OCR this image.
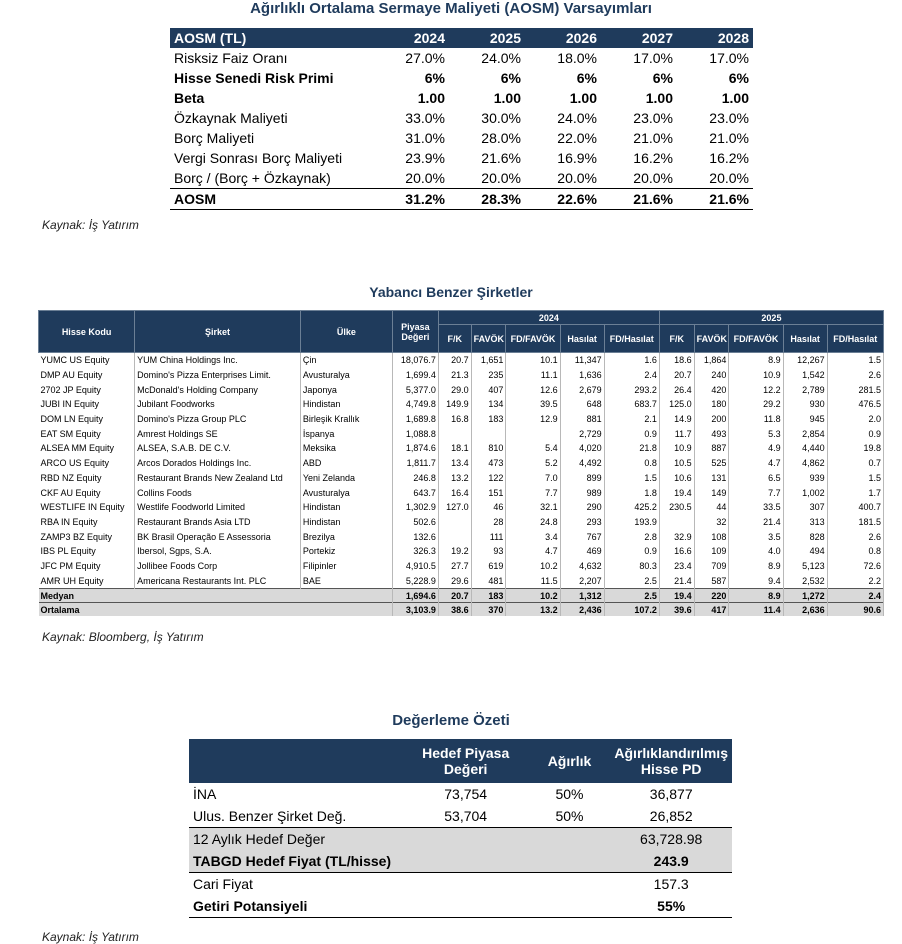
Ağırlıklı Ortalama Sermaye Maliyeti (AOSM) Varsayımları
AOSM (TL)	2024	2025	2026	2027	2028
Risksiz Faiz Oranı	27.0%	24.0%	18.0%	17.0%	17.0%
Hisse Senedi Risk Primi	6%	6%	6%	6%	6%
Beta	1.00	1.00	1.00	1.00	1.00
Özkaynak Maliyeti	33.0%	30.0%	24.0%	23.0%	23.0%
Borç Maliyeti	31.0%	28.0%	22.0%	21.0%	21.0%
Vergi Sonrası Borç Maliyeti	23.9%	21.6%	16.9%	16.2%	16.2%
Borç / (Borç + Özkaynak)	20.0%	20.0%	20.0%	20.0%	20.0%
AOSM	31.2%	28.3%	22.6%	21.6%	21.6%
Kaynak: İş Yatırım
Yabancı Benzer Şirketler
Hisse Kodu	Şirket	Ülke	Piyasa Değeri	2024					2025				
				F/K	FAVÖK	FD/FAVÖK	Hasılat	FD/Hasılat	F/K	FAVÖK	FD/FAVÖK	Hasılat	FD/Hasılat
YUMC US Equity	YUM China Holdings Inc.	Çin	18,076.7	20.7	1,651	10.1	11,347	1.6	18.6	1,864	8.9	12,267	1.5
DMP AU Equity	Domino's Pizza Enterprises Limit.	Avusturalya	1,699.4	21.3	235	11.1	1,636	2.4	20.7	240	10.9	1,542	2.6
2702 JP Equity	McDonald's Holding Company	Japonya	5,377.0	29.0	407	12.6	2,679	293.2	26.4	420	12.2	2,789	281.5
JUBI IN Equity	Jubilant Foodworks	Hindistan	4,749.8	149.9	134	39.5	648	683.7	125.0	180	29.2	930	476.5
DOM LN Equity	Domino's Pizza Group PLC	Birleşik Krallık	1,689.8	16.8	183	12.9	881	2.1	14.9	200	11.8	945	2.0
EAT SM Equity	Amrest Holdings SE	İspanya	1,088.8				2,729	0.9	11.7	493	5.3	2,854	0.9
ALSEA MM Equity	ALSEA, S.A.B. DE C.V.	Meksika	1,874.6	18.1	810	5.4	4,020	21.8	10.9	887	4.9	4,440	19.8
ARCO US Equity	Arcos Dorados Holdings Inc.	ABD	1,811.7	13.4	473	5.2	4,492	0.8	10.5	525	4.7	4,862	0.7
RBD NZ Equity	Restaurant Brands New Zealand Ltd	Yeni Zelanda	246.8	13.2	122	7.0	899	1.5	10.6	131	6.5	939	1.5
CKF AU Equity	Collins Foods	Avusturalya	643.7	16.4	151	7.7	989	1.8	19.4	149	7.7	1,002	1.7
WESTLIFE IN Equity	Westlife Foodworld Limited	Hindistan	1,302.9	127.0	46	32.1	290	425.2	230.5	44	33.5	307	400.7
RBA IN Equity	Restaurant Brands Asia LTD	Hindistan	502.6		28	24.8	293	193.9		32	21.4	313	181.5
ZAMP3 BZ Equity	BK Brasil Operação E Assessoria	Brezilya	132.6		111	3.4	767	2.8	32.9	108	3.5	828	2.6
IBS PL Equity	Ibersol, Sgps, S.A.	Portekiz	326.3	19.2	93	4.7	469	0.9	16.6	109	4.0	494	0.8
JFC PM Equity	Jollibee Foods Corp	Filipinler	4,910.5	27.7	619	10.2	4,632	80.3	23.4	709	8.9	5,123	72.6
AMR UH Equity	Americana Restaurants Int. PLC	BAE	5,228.9	29.6	481	11.5	2,207	2.5	21.4	587	9.4	2,532	2.2
Medyan			1,694.6	20.7	183	10.2	1,312	2.5	19.4	220	8.9	1,272	2.4
Ortalama			3,103.9	38.6	370	13.2	2,436	107.2	39.6	417	11.4	2,636	90.6
Kaynak: Bloomberg, İş Yatırım
Değerleme Özeti
	Hedef Piyasa Değeri	Ağırlık	Ağırlıklandırılmış Hisse PD
İNA	73,754	50%	36,877
Ulus. Benzer Şirket Değ.	53,704	50%	26,852
12 Aylık Hedef Değer			63,728.98
TABGD Hedef Fiyat (TL/hisse)			243.9
Cari Fiyat			157.3
Getiri Potansiyeli			55%
Kaynak: İş Yatırım
